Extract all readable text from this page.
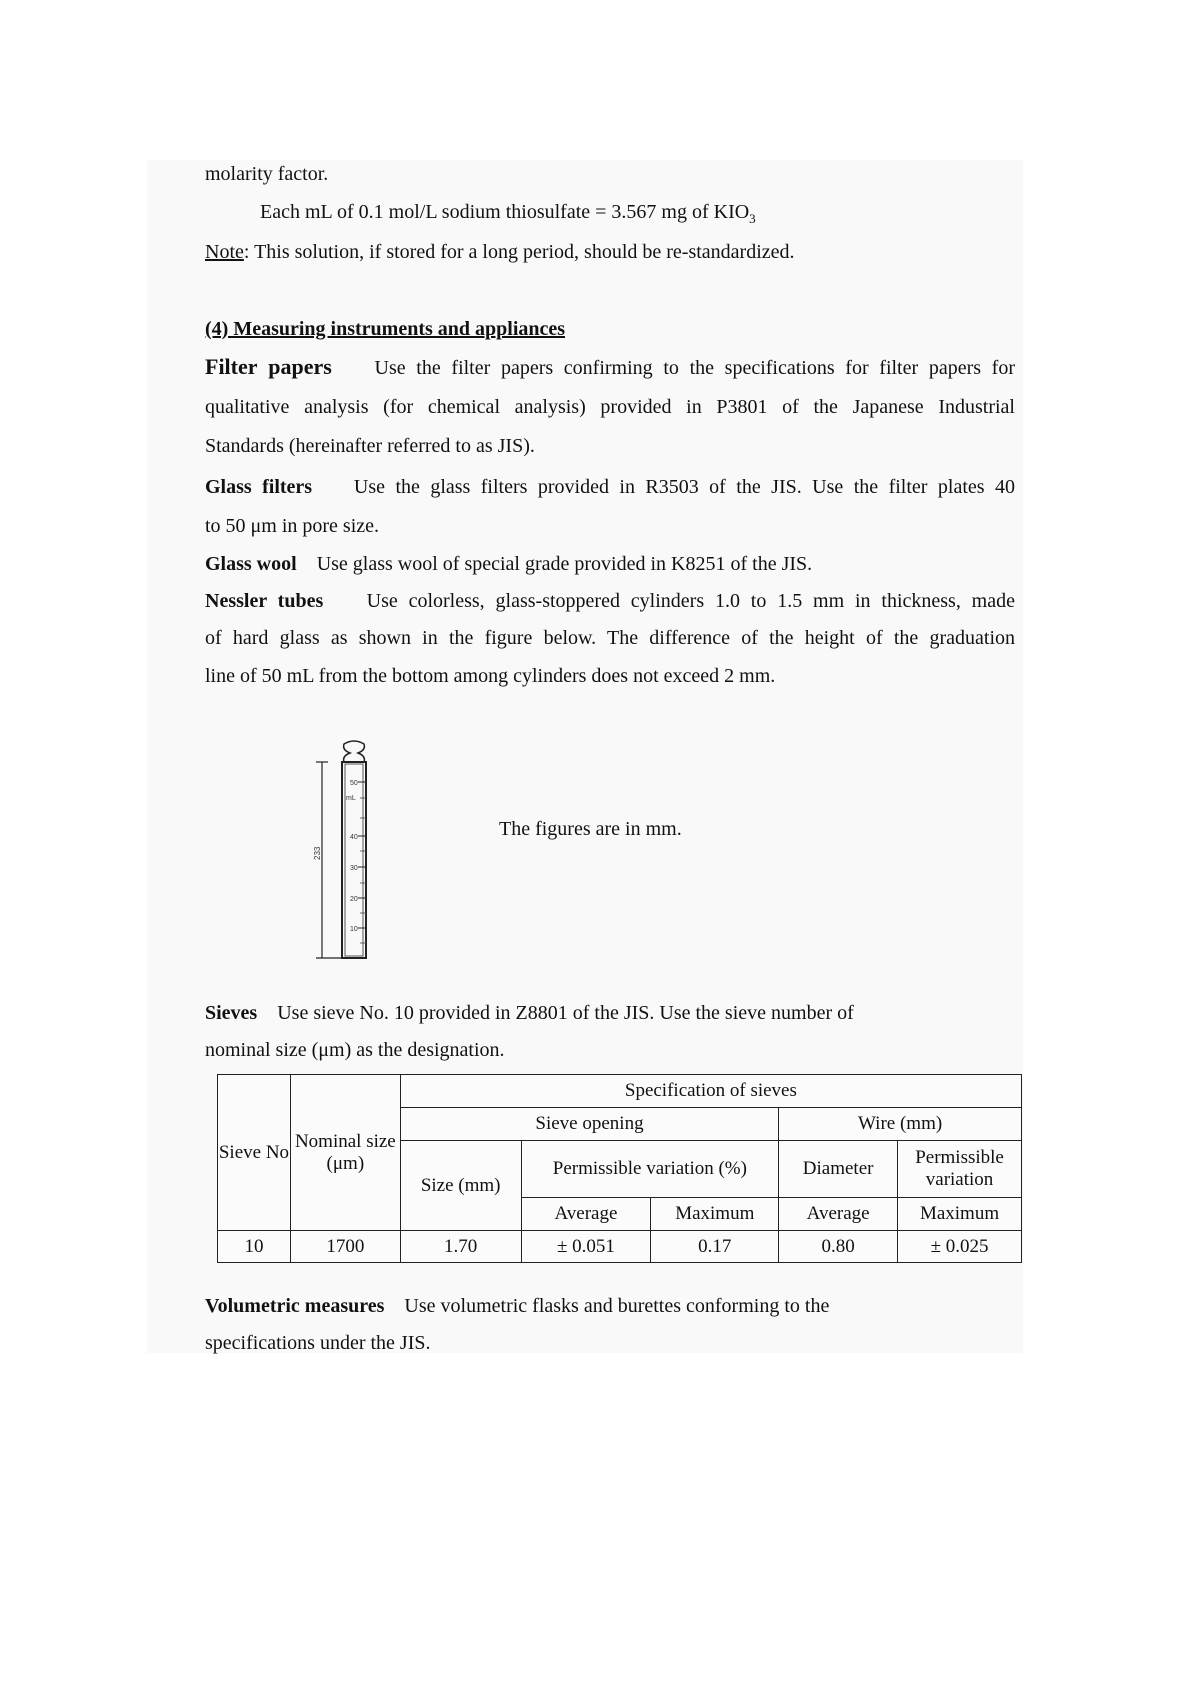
molarity factor.
Each mL of 0.1 mol/L sodium thiosulfate = 3.567 mg of $KIO_3$
Note: This solution, if stored for a long period, should be re-standardized.
(4) Measuring instruments and appliances
Filter papers Use the filter papers confirming to the specifications for filter papers for
qualitative analysis (for chemical analysis) provided in P3801 of the Japanese Industrial
Standards (hereinafter referred to as JIS).
Glass filters Use the glass filters provided in R3503 of the JIS. Use the filter plates 40
to 50 μm in pore size.
Glass wool Use glass wool of special grade provided in K8251 of the JIS.
Nessler tubes Use colorless, glass-stoppered cylinders 1.0 to 1.5 mm in thickness, made
of hard glass as shown in the figure below. The difference of the height of the graduation
line of 50 mL from the bottom among cylinders does not exceed 2 mm.
233
mL
50
40
30
20
10
The figures are in mm.
Sieves Use sieve No. 10 provided in Z8801 of the JIS. Use the sieve number of
nominal size (μm) as the designation.
Sieve No	Nominal size (μm)	Specification of sieves				
		Sieve opening			Wire (mm)	
		Size (mm)	Permissible variation (%)		Diameter	Permissible variation
			Average	Maximum	Average	Maximum
10	1700	1.70	± 0.051	0.17	0.80	± 0.025
Volumetric measures Use volumetric flasks and burettes conforming to the
specifications under the JIS.
